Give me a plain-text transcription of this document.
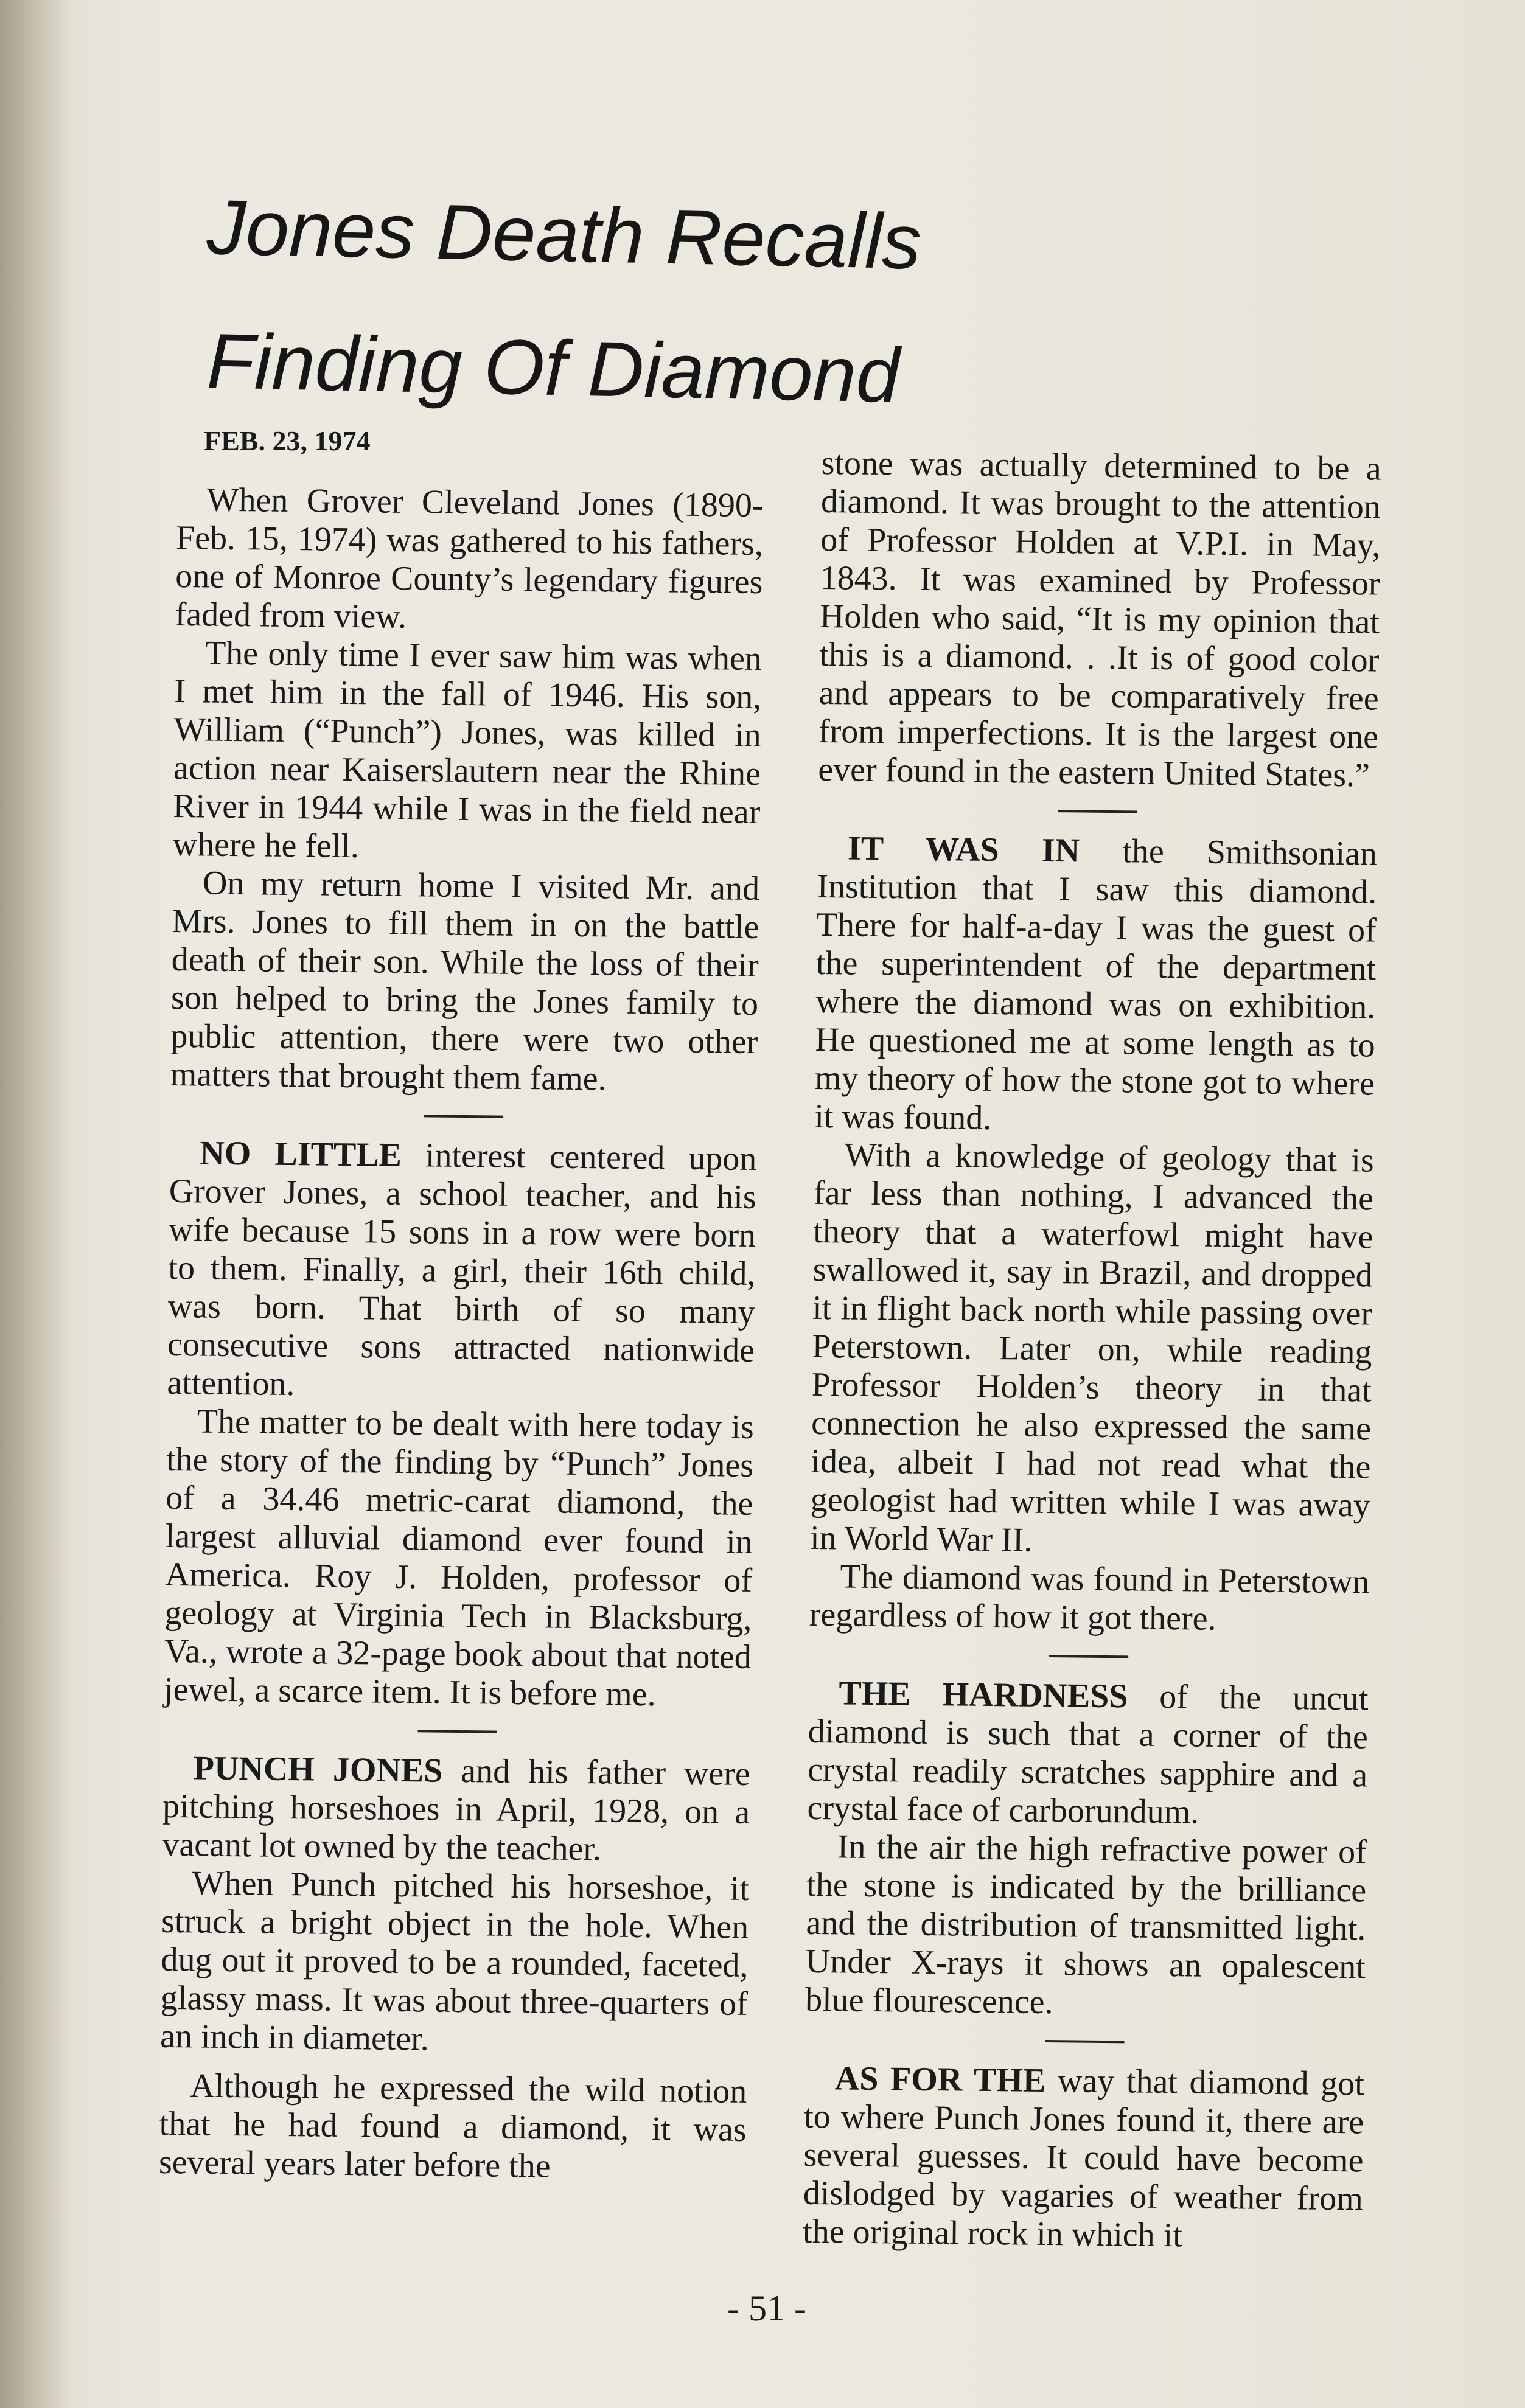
Jones Death Recalls
Finding Of Diamond
FEB. 23, 1974

When Grover Cleveland Jones (1890-Feb. 15, 1974) was gathered to his fathers, one of Monroe County’s legendary figures faded from view.

The only time I ever saw him was when I met him in the fall of 1946. His son, William (“Punch”) Jones, was killed in action near Kaiserslautern near the Rhine River in 1944 while I was in the field near where he fell.

On my return home I visited Mr. and Mrs. Jones to fill them in on the battle death of their son. While the loss of their son helped to bring the Jones family to public attention, there were two other matters that brought them fame.

NO LITTLE interest centered upon Grover Jones, a school teacher, and his wife because 15 sons in a row were born to them. Finally, a girl, their 16th child, was born. That birth of so many consecutive sons attracted nationwide attention.

The matter to be dealt with here today is the story of the finding by “Punch” Jones of a 34.46 metric-carat diamond, the largest alluvial diamond ever found in America. Roy J. Holden, professor of geology at Virginia Tech in Blacksburg, Va., wrote a 32-page book about that noted jewel, a scarce item. It is before me.

PUNCH JONES and his father were pitching horseshoes in April, 1928, on a vacant lot owned by the teacher.

When Punch pitched his horseshoe, it struck a bright object in the hole. When dug out it proved to be a rounded, faceted, glassy mass. It was about three-quarters of an inch in diameter.

Although he expressed the wild notion that he had found a diamond, it was several years later before the

stone was actually determined to be a diamond. It was brought to the attention of Professor Holden at V.P.I. in May, 1843. It was examined by Professor Holden who said, “It is my opinion that this is a diamond. . .It is of good color and appears to be comparatively free from imperfections. It is the largest one ever found in the eastern United States.”

IT WAS IN the Smithsonian Institution that I saw this diamond. There for half-a-day I was the guest of the superintendent of the department where the diamond was on exhibition. He questioned me at some length as to my theory of how the stone got to where it was found.

With a knowledge of geology that is far less than nothing, I advanced the theory that a waterfowl might have swallowed it, say in Brazil, and dropped it in flight back north while passing over Peterstown. Later on, while reading Professor Holden’s theory in that connection he also expressed the same idea, albeit I had not read what the geologist had written while I was away in World War II.

The diamond was found in Peterstown regardless of how it got there.

THE HARDNESS of the uncut diamond is such that a corner of the crystal readily scratches sapphire and a crystal face of carborundum.

In the air the high refractive power of the stone is indicated by the brilliance and the distribution of transmitted light. Under X-rays it shows an opalescent blue flourescence.

AS FOR THE way that diamond got to where Punch Jones found it, there are several guesses. It could have become dislodged by vagaries of weather from the original rock in which it

- 51 -
